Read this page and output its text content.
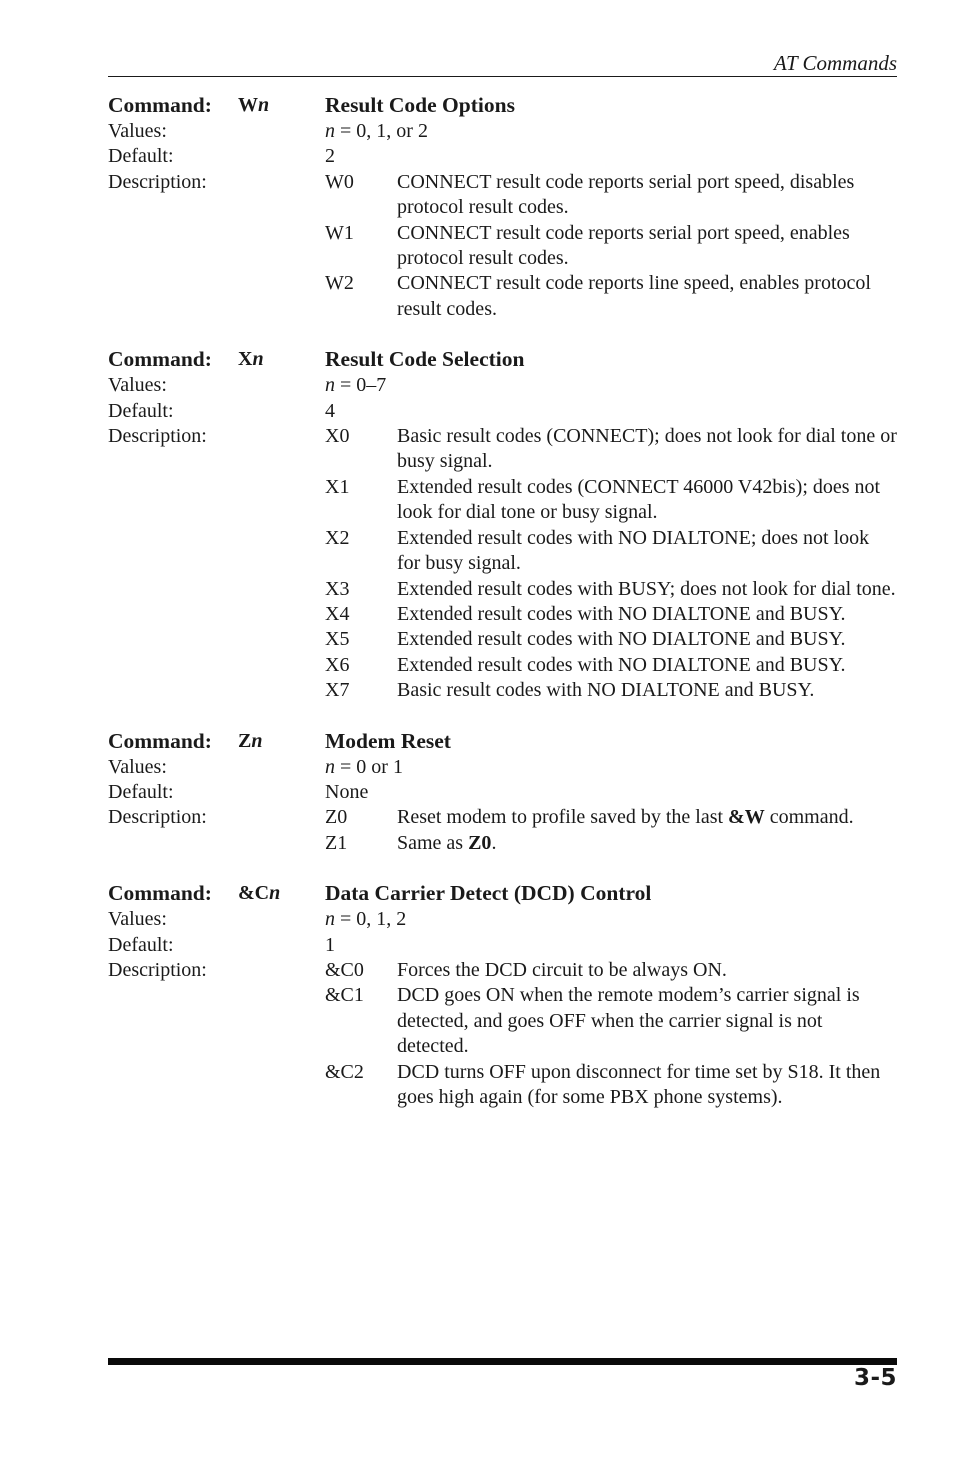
AT Commands
Command:	Wn	Result Code Options
Values:	n = 0, 1, or 2
Default:	2
Description:	W0	CONNECT result code reports serial port speed, disables protocol result codes.
W1	CONNECT result code reports serial port speed, enables protocol result codes.
W2	CONNECT result code reports line speed, enables protocol result codes.
Command:	Xn	Result Code Selection
Values:	n = 0–7
Default:	4
Description:	X0	Basic result codes (CONNECT); does not look for dial tone or busy signal.
X1	Extended result codes (CONNECT 46000 V42bis); does not look for dial tone or busy signal.
X2	Extended result codes with NO DIALTONE; does not look for busy signal.
X3	Extended result codes with BUSY; does not look for dial tone.
X4	Extended result codes with NO DIALTONE and BUSY.
X5	Extended result codes with NO DIALTONE and BUSY.
X6	Extended result codes with NO DIALTONE and BUSY.
X7	Basic result codes with NO DIALTONE and BUSY.
Command:	Zn	Modem Reset
Values:	n = 0 or 1
Default:	None
Description:	Z0	Reset modem to profile saved by the last &W command.
Z1	Same as Z0.
Command:	&Cn	Data Carrier Detect (DCD) Control
Values:	n = 0, 1, 2
Default:	1
Description:	&C0	Forces the DCD circuit to be always ON.
&C1	DCD goes ON when the remote modem’s carrier signal is detected, and goes OFF when the carrier signal is not detected.
&C2	DCD turns OFF upon disconnect for time set by S18. It then goes high again (for some PBX phone systems).
3-5
